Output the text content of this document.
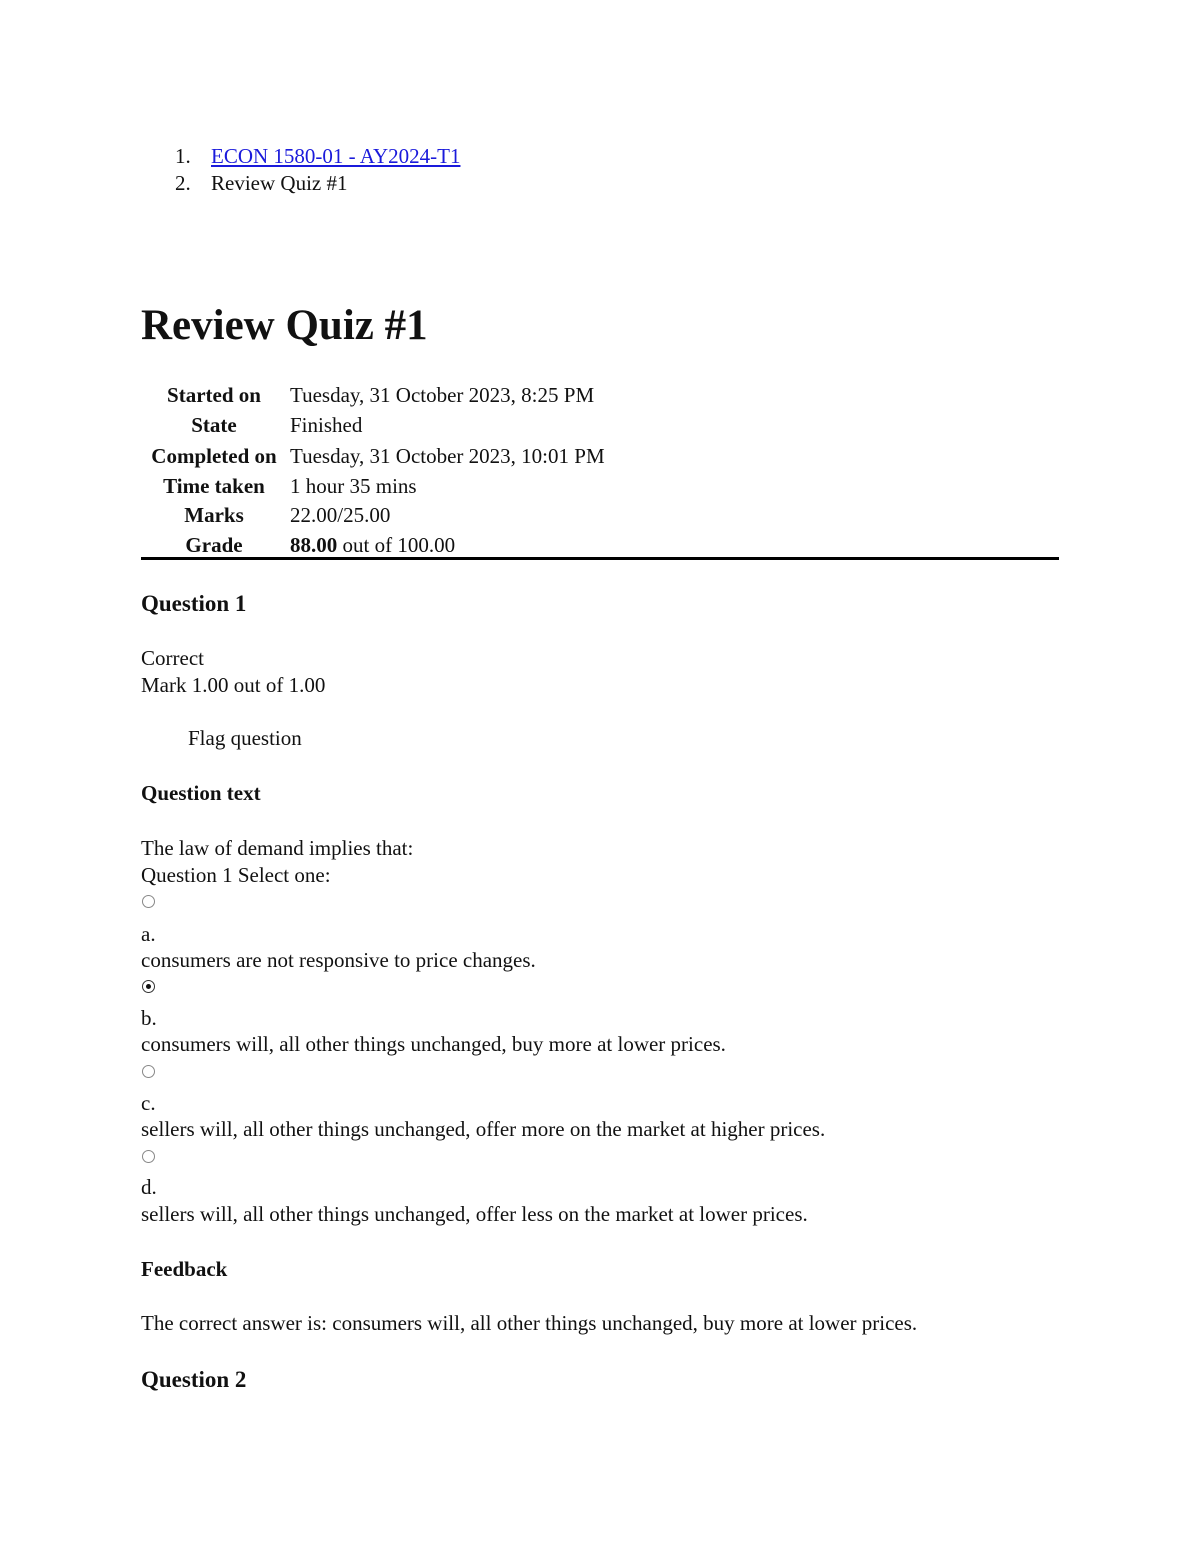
1. ECON 1580-01 - AY2024-T1
2. Review Quiz #1
Review Quiz #1
Started on	Tuesday, 31 October 2023, 8:25 PM
State	Finished
Completed on Tuesday, 31 October 2023, 10:01 PM
Time taken	1 hour 35 mins
Marks	22.00/25.00
Grade	88.00 out of 100.00
Question 1
Correct
Mark 1.00 out of 1.00
Flag question
Question text
The law of demand implies that:
Question 1 Select one:
a.
consumers are not responsive to price changes.
b.
consumers will, all other things unchanged, buy more at lower prices.
c.
sellers will, all other things unchanged, offer more on the market at higher prices.
d.
sellers will, all other things unchanged, offer less on the market at lower prices.
Feedback
The correct answer is: consumers will, all other things unchanged, buy more at lower prices.
Question 2
